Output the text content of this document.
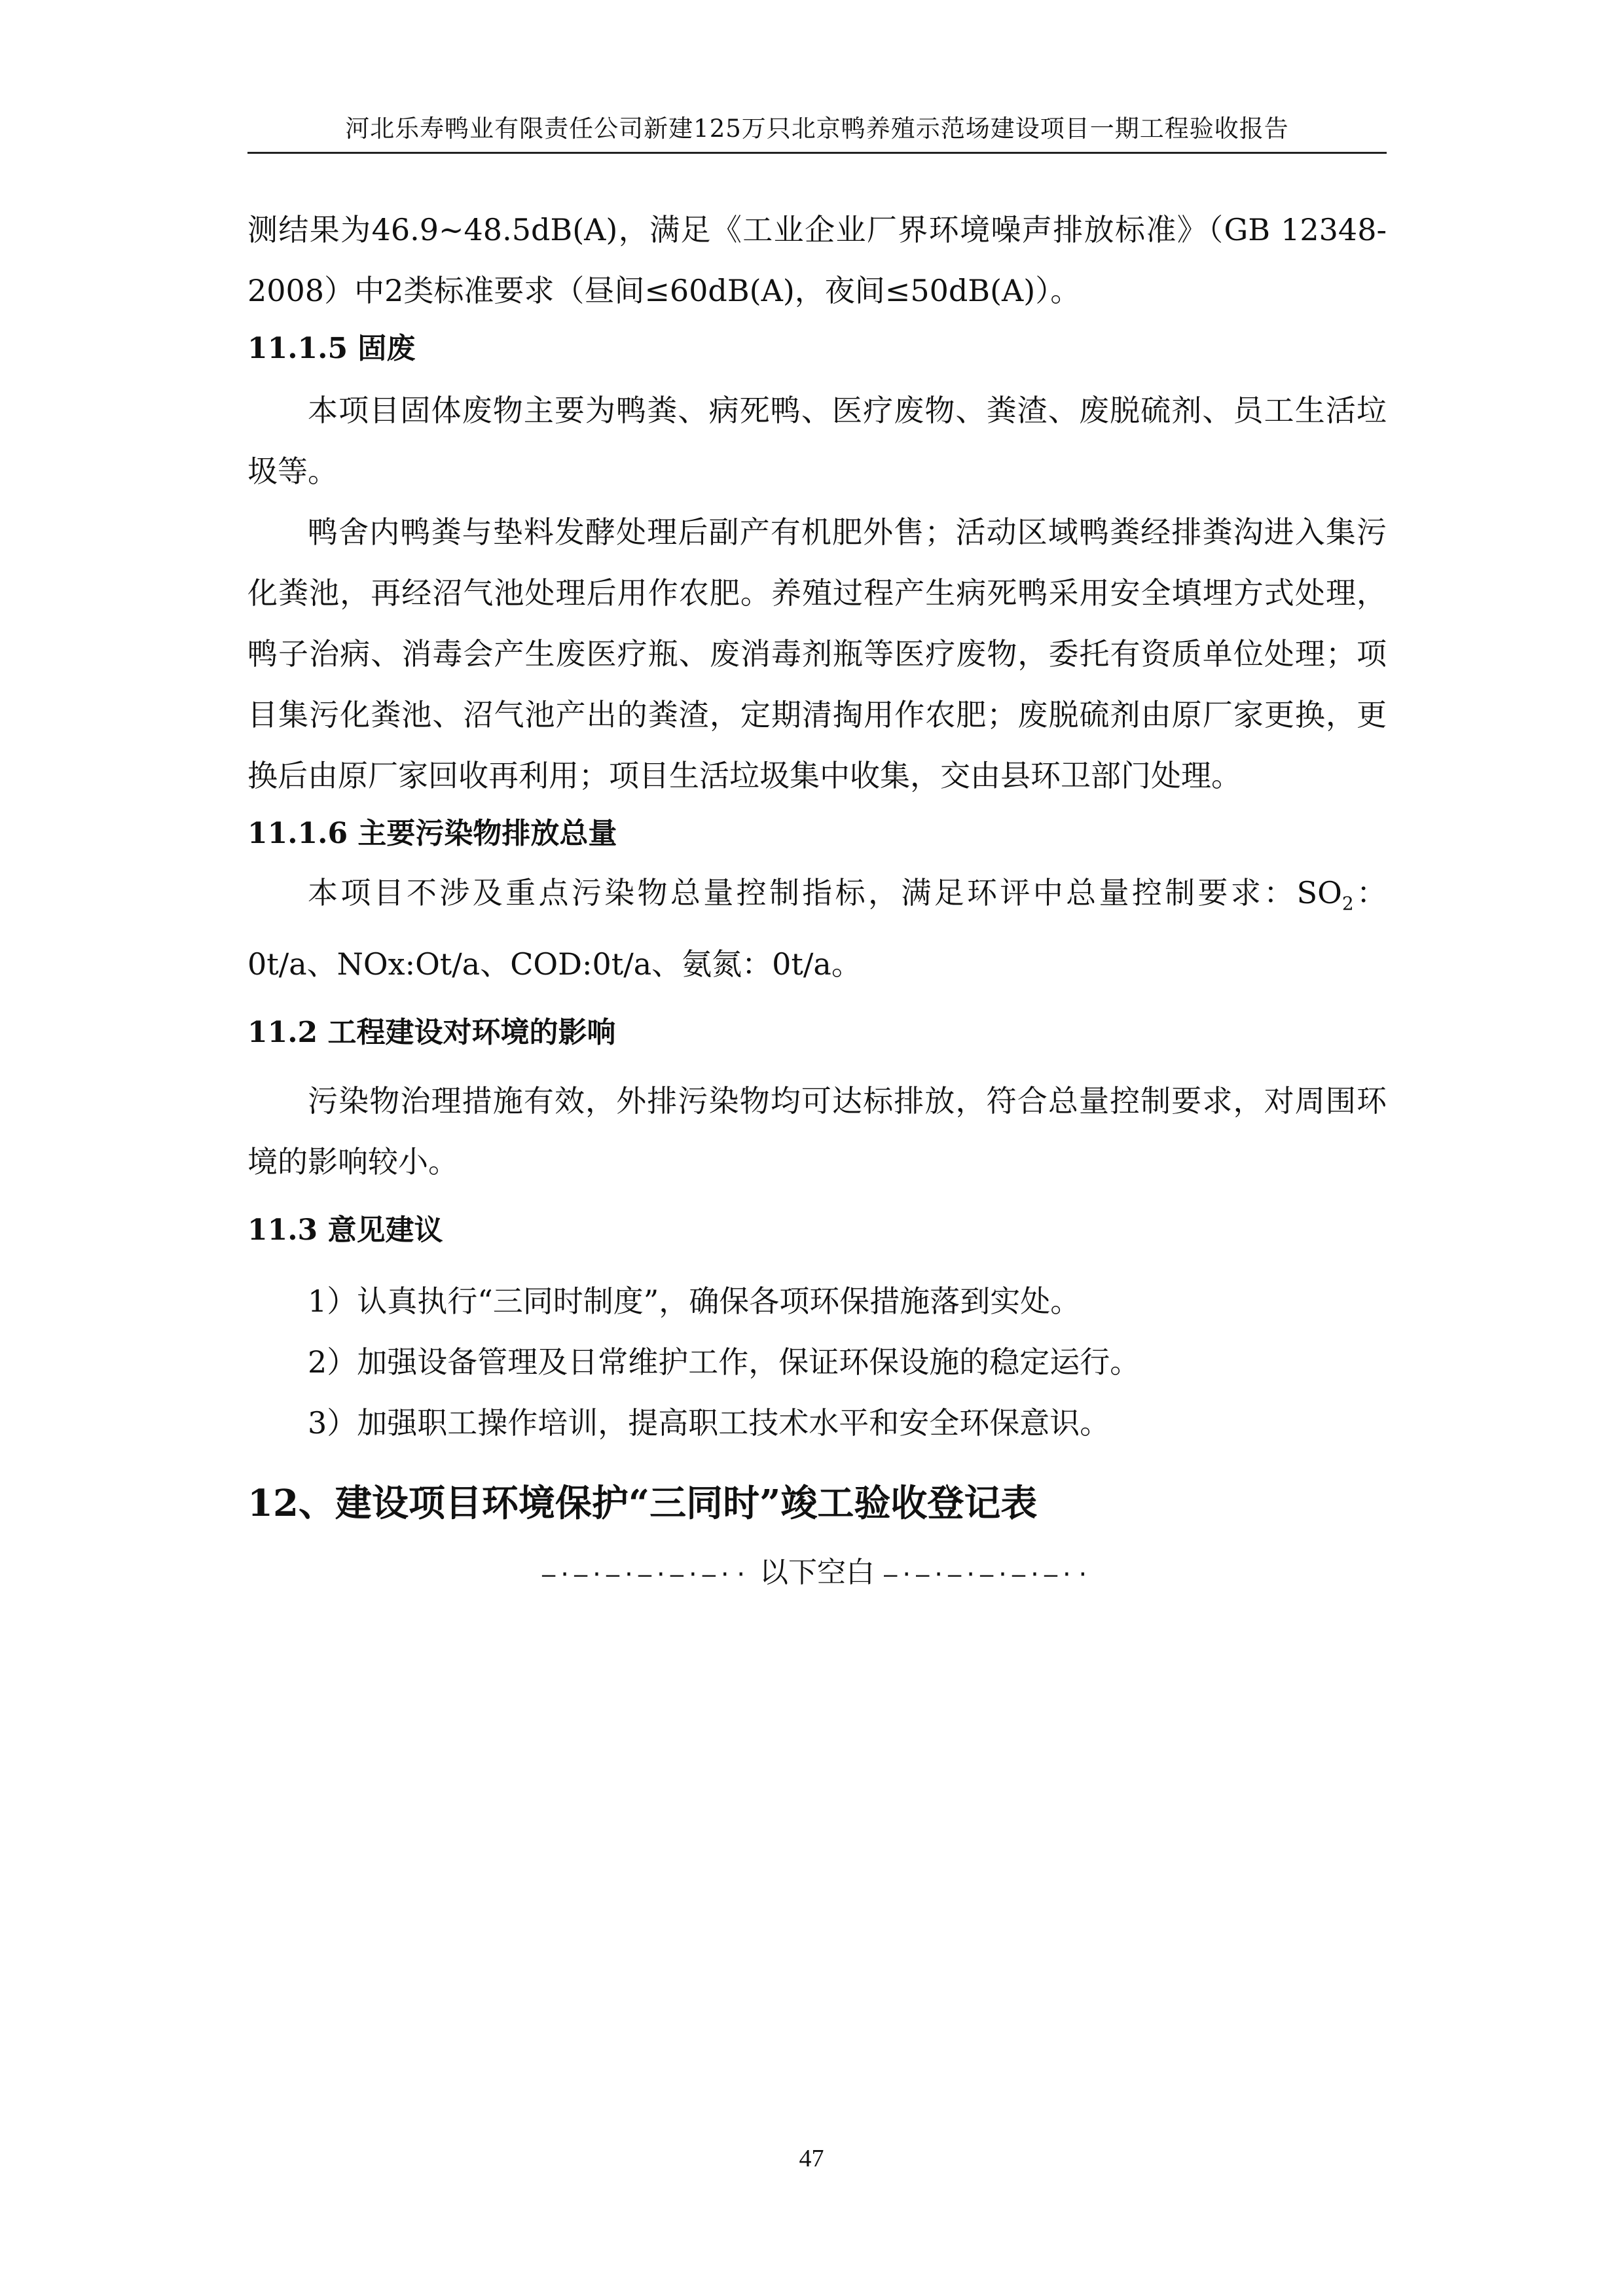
河北乐寿鸭业有限责任公司新建125万只北京鸭养殖示范场建设项目一期工程验收报告

测结果为46.9~48.5dB(A)，满足《工业企业厂界环境噪声排放标准》（GB 12348-2008）中2类标准要求（昼间≤60dB(A)，夜间≤50dB(A)）。

11.1.5 固废

本项目固体废物主要为鸭粪、病死鸭、医疗废物、粪渣、废脱硫剂、员工生活垃圾等。

鸭舍内鸭粪与垫料发酵处理后副产有机肥外售；活动区域鸭粪经排粪沟进入集污化粪池，再经沼气池处理后用作农肥。养殖过程产生病死鸭采用安全填埋方式处理，鸭子治病、消毒会产生废医疗瓶、废消毒剂瓶等医疗废物，委托有资质单位处理；项目集污化粪池、沼气池产出的粪渣，定期清掏用作农肥；废脱硫剂由原厂家更换，更换后由原厂家回收再利用；项目生活垃圾集中收集，交由县环卫部门处理。

11.1.6 主要污染物排放总量

本项目不涉及重点污染物总量控制指标，满足环评中总量控制要求：$SO_2$：0t/a、NOx:Ot/a、COD:0t/a、氨氮：0t/a。

11.2 工程建设对环境的影响

污染物治理措施有效，外排污染物均可达标排放，符合总量控制要求，对周围环境的影响较小。

11.3 意见建议

1）认真执行“三同时制度”，确保各项环保措施落到实处。

2）加强设备管理及日常维护工作，保证环保设施的稳定运行。

3）加强职工操作培训，提高职工技术水平和安全环保意识。

12、建设项目环境保护“三同时”竣工验收登记表

–·–·–·–·–·–·· 以下空白 –·–·–·–·–·–··

47
